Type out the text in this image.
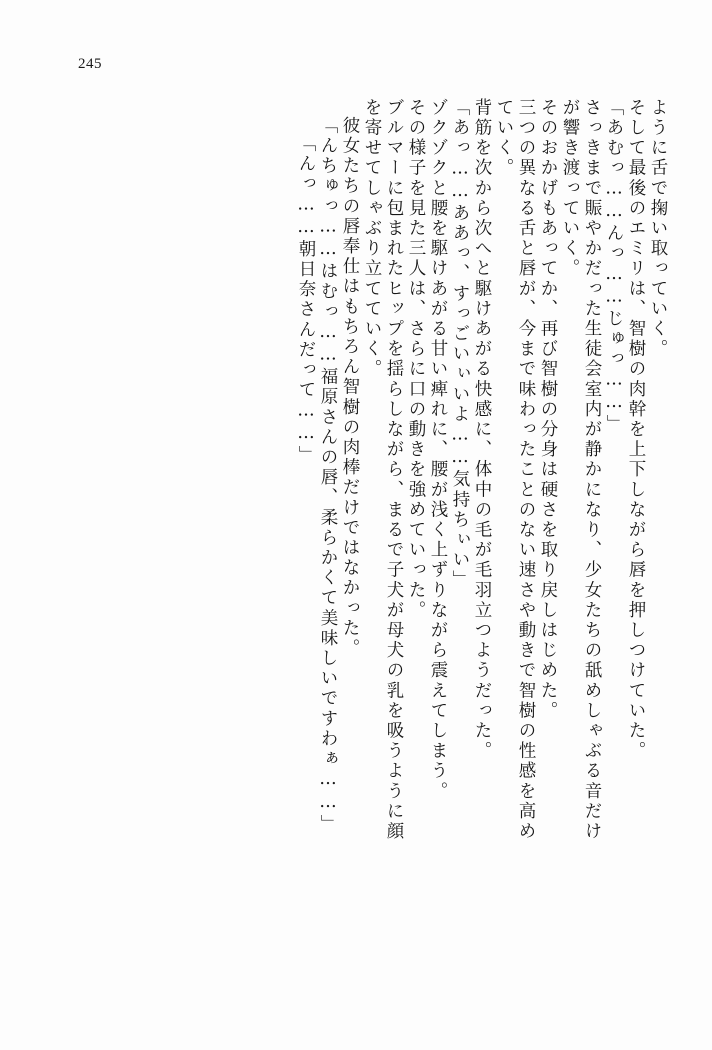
245
ように舌で掬い取っていく。
そして最後のエミリは、智樹の肉幹を上下しながら唇を押しつけていた。
「あむっ……んっ……じゅっ……」
さっきまで賑やかだった生徒会室内が静かになり、少女たちの舐めしゃぶる音だけ
が響き渡っていく。
そのおかげもあってか、再び智樹の分身は硬さを取り戻しはじめた。
三つの異なる舌と唇が、今まで味わったことのない速さや動きで智樹の性感を高め
ていく。
背筋を次から次へと駆けあがる快感に、体中の毛が毛羽立つようだった。
「あっ……ああっ、すっごいぃいよ……気持ちぃい」
ゾクゾクと腰を駆けあがる甘い痺れに、腰が浅く上ずりながら震えてしまう。
その様子を見た三人は、さらに口の動きを強めていった。
ブルマーに包まれたヒップを揺らしながら、まるで子犬が母犬の乳を吸うように顔
を寄せてしゃぶり立てていく。
彼女たちの唇奉仕はもちろん智樹の肉棒だけではなかった。
「んちゅっ……はむっ……福原さんの唇、柔らかくて美味しいですわぁ……」
「んっ……朝日奈さんだって……」
